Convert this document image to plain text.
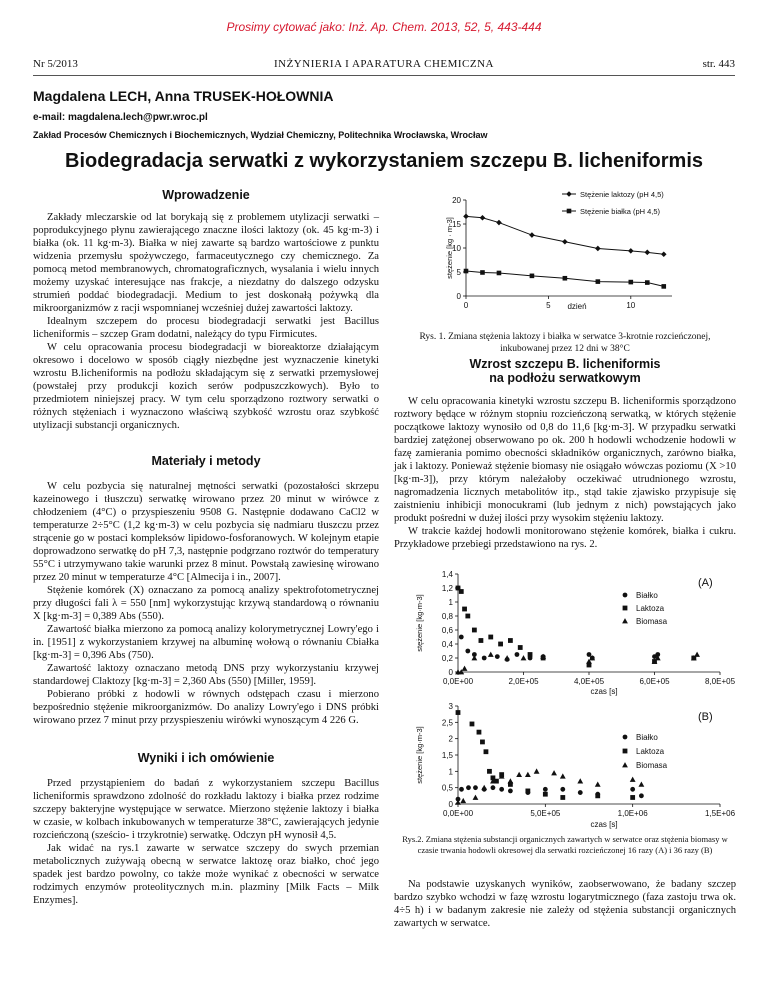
Prosimy cytować jako: Inż. Ap. Chem. 2013, 52, 5, 443-444
Nr 5/2013	INŻYNIERIA I APARATURA CHEMICZNA	str. 443
Magdalena LECH, Anna TRUSEK-HOŁOWNIA
e-mail: magdalena.lech@pwr.wroc.pl
Zakład Procesów Chemicznych i Biochemicznych, Wydział Chemiczny, Politechnika Wrocławska, Wrocław
Biodegradacja serwatki z wykorzystaniem szczepu B. licheniformis
Wprowadzenie

Zakłady mleczarskie od lat borykają się z problemem utylizacji serwatki – poprodukcyjnego płynu zawierającego znaczne ilości laktozy (ok. 45 kg·m-3) i białka (ok. 11 kg·m-3). Białka w niej zawarte są bardzo wartościowe z punktu widzenia przemysłu spożywczego, farmaceutycznego czy chemicznego. Za pomocą metod membranowych, chromatograficznych, wysalania i wielu innych możemy uzyskać interesujące nas frakcje, a niezdatny do dalszego odzysku strumień poddać biodegradacji. Medium to jest doskonałą pożywką dla mikroorganizmów z racji wspomnianej wcześniej dużej zawartości laktozy.

Idealnym szczepem do procesu biodegradacji serwatki jest Bacillus licheniformis – szczep Gram dodatni, należący do typu Firmicutes.

W celu opracowania procesu biodegradacji w bioreaktorze działającym okresowo i docelowo w sposób ciągły niezbędne jest wyznaczenie kinetyki wzrostu B.licheniformis na podłożu składającym się z serwatki przemysłowej (powstałej przy produkcji kozich serów podpuszczkowych). Było to przedmiotem niniejszej pracy. W tym celu sporządzono roztwory serwatki o różnych stężeniach i wyznaczono właściwą szybkość wzrostu oraz szybkość utylizacji substancji organicznych.

Materiały i metody

W celu pozbycia się naturalnej mętności serwatki (pozostałości skrzepu kazeinowego i tłuszczu) serwatkę wirowano przez 20 minut w wirówce z chłodzeniem (4°C) o przyspieszeniu 9508 G. Następnie dodawano CaCl2 w temperaturze 2÷5°C (1,2 kg·m-3) w celu pozbycia się nadmiaru tłuszczu przez strącenie go w postaci kompleksów lipidowo-fosforanowych. W kolejnym etapie doprowadzono serwatkę do pH 7,3, następnie podgrzano roztwór do temperatury 55°C i utrzymywano takie warunki przez 8 minut. Powstałą zawiesinę wirowano przez 20 minut w temperaturze 4°C [Almecija i in., 2007].

Stężenie komórek (X) oznaczano za pomocą analizy spektrofotometrycznej przy długości fali λ = 550 [nm] wykorzystując krzywą standardową o równaniu X [kg·m-3] = 0,389 Abs (550).

Zawartość białka mierzono za pomocą analizy kolorymetrycznej Lowry'ego i in. [1951] z wykorzystaniem krzywej na albuminę wołową o równaniu Cbiałka [kg·m-3] = 0,396 Abs (750).

Zawartość laktozy oznaczano metodą DNS przy wykorzystaniu krzywej standardowej Claktozy [kg·m-3] = 2,360 Abs (550) [Miller, 1959].

Pobierano próbki z hodowli w równych odstępach czasu i mierzono bezpośrednio stężenie mikroorganizmów. Do analizy Lowry'ego i DNS próbki wirowano przez 7 minut przy przyspieszeniu wirówki wynoszącym 4 226 G.

Wyniki i ich omówienie

Przed przystąpieniem do badań z wykorzystaniem szczepu Bacillus licheniformis sprawdzono zdolność do rozkładu laktozy i białka przez rodzime szczepy bakteryjne występujące w serwatce. Mierzono stężenie laktozy i białka w czasie, w kolbach inkubowanych w temperaturze 38°C, zawierających jedynie rozcieńczoną (sześcio- i trzykrotnie) serwatkę. Odczyn pH wynosił 4,5.

Jak widać na rys.1 zawarte w serwatce szczepy do swych przemian metabolicznych zużywają obecną w serwatce laktozę oraz białko, choć jego spadek jest bardzo powolny, co także może wynikać z obecności w serwatce rodzimych enzymów proteolitycznych m.in. plazminy [Milk Facts – Milk Enzymes].

0
5
10
15
20
0	5	10
dzień
stężenie [kg · m-3]
Stężenie laktozy (pH 4,5)
Stężenie białka (pH 4,5)
Rys. 1. Zmiana stężenia laktozy i białka w serwatce 3-krotnie rozcieńczonej, inkubowanej przez 12 dni w 38°C
Wzrost szczepu B. licheniformis
na podłożu serwatkowym

W celu opracowania kinetyki wzrostu szczepu B. licheniformis sporządzono roztwory będące w różnym stopniu rozcieńczoną serwatką, w których stężenie początkowe laktozy wynosiło od 0,8 do 11,6 [kg·m-3]. W przypadku serwatki bardziej zatężonej obserwowano po ok. 200 h hodowli wchodzenie hodowli w fazę zamierania pomimo obecności składników organicznych, zarówno białka, jak i laktozy. Ponieważ stężenie biomasy nie osiągało wówczas poziomu (X >10 [kg·m-3]), przy którym należałoby oczekiwać utrudnionego wzrostu, nagromadzenia licznych metabolitów itp., stąd takie zjawisko przypisuje się zaistnieniu inhibicji monocukrami (lub jednym z nich) powstających jako produkt pośredni w dużej ilości przy wysokim stężeniu laktozy.

W trakcie każdej hodowli monitorowano stężenie komórek, białka i cukru. Przykładowe przebiegi przedstawiono na rys. 2.

0
0,2
0,4
0,6
0,8
1
1,2
1,4
0,0E+00	2,0E+05	4,0E+05	6,0E+05	8,0E+05
czas [s]
stężenie [kg·m-3]	Białko
Laktoza
Biomasa
(A)
0
0,5
1
1,5
2
2,5
3
0,0E+00	5,0E+05	1,0E+06	1,5E+06
czas [s]
stężenie [kg·m-3]	Białko
Laktoza
Biomasa
(B)
Rys.2. Zmiana stężenia substancji organicznych zawartych w serwatce oraz stężenia biomasy w czasie trwania hodowli okresowej dla serwatki rozcieńczonej 16 razy (A) i 36 razy (B)

Na podstawie uzyskanych wyników, zaobserwowano, że badany szczep bardzo szybko wchodzi w fazę wzrostu logarytmicznego (faza zastoju trwa ok. 4÷5 h) i w badanym zakresie nie zależy od stężenia substancji organicznych zawartych w serwatce.
